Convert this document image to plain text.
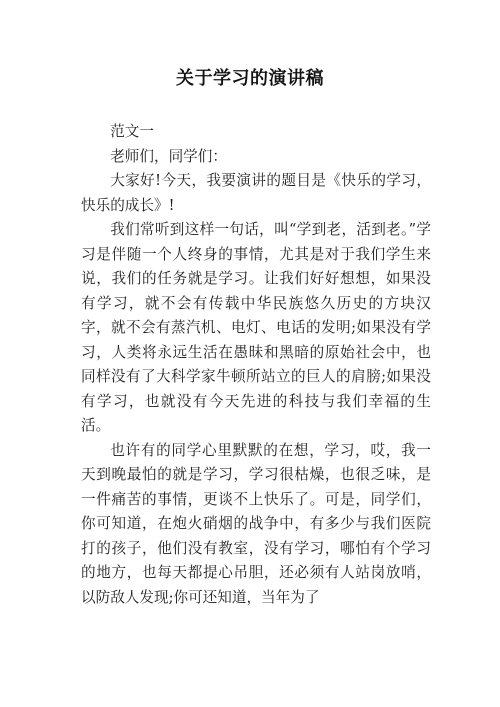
关于学习的演讲稿

范文一

老师们，同学们：

大家好!今天，我要演讲的题目是《快乐的学习，快乐的成长》!

我们常听到这样一句话，叫“学到老，活到老。”学习是伴随一个人终身的事情，尤其是对于我们学生来说，我们的任务就是学习。让我们好好想想，如果没有学习，就不会有传载中华民族悠久历史的方块汉字，就不会有蒸汽机、电灯、电话的发明;如果没有学习，人类将永远生活在愚昧和黑暗的原始社会中，也同样没有了大科学家牛顿所站立的巨人的肩膀;如果没有学习，也就没有今天先进的科技与我们幸福的生活。

也许有的同学心里默默的在想，学习，哎，我一天到晚最怕的就是学习，学习很枯燥，也很乏味，是一件痛苦的事情，更谈不上快乐了。可是，同学们，你可知道，在炮火硝烟的战争中，有多少与我们医院打的孩子，他们没有教室，没有学习，哪怕有个学习的地方，也每天都提心吊胆，还必须有人站岗放哨，以防敌人发现;你可还知道，当年为了
